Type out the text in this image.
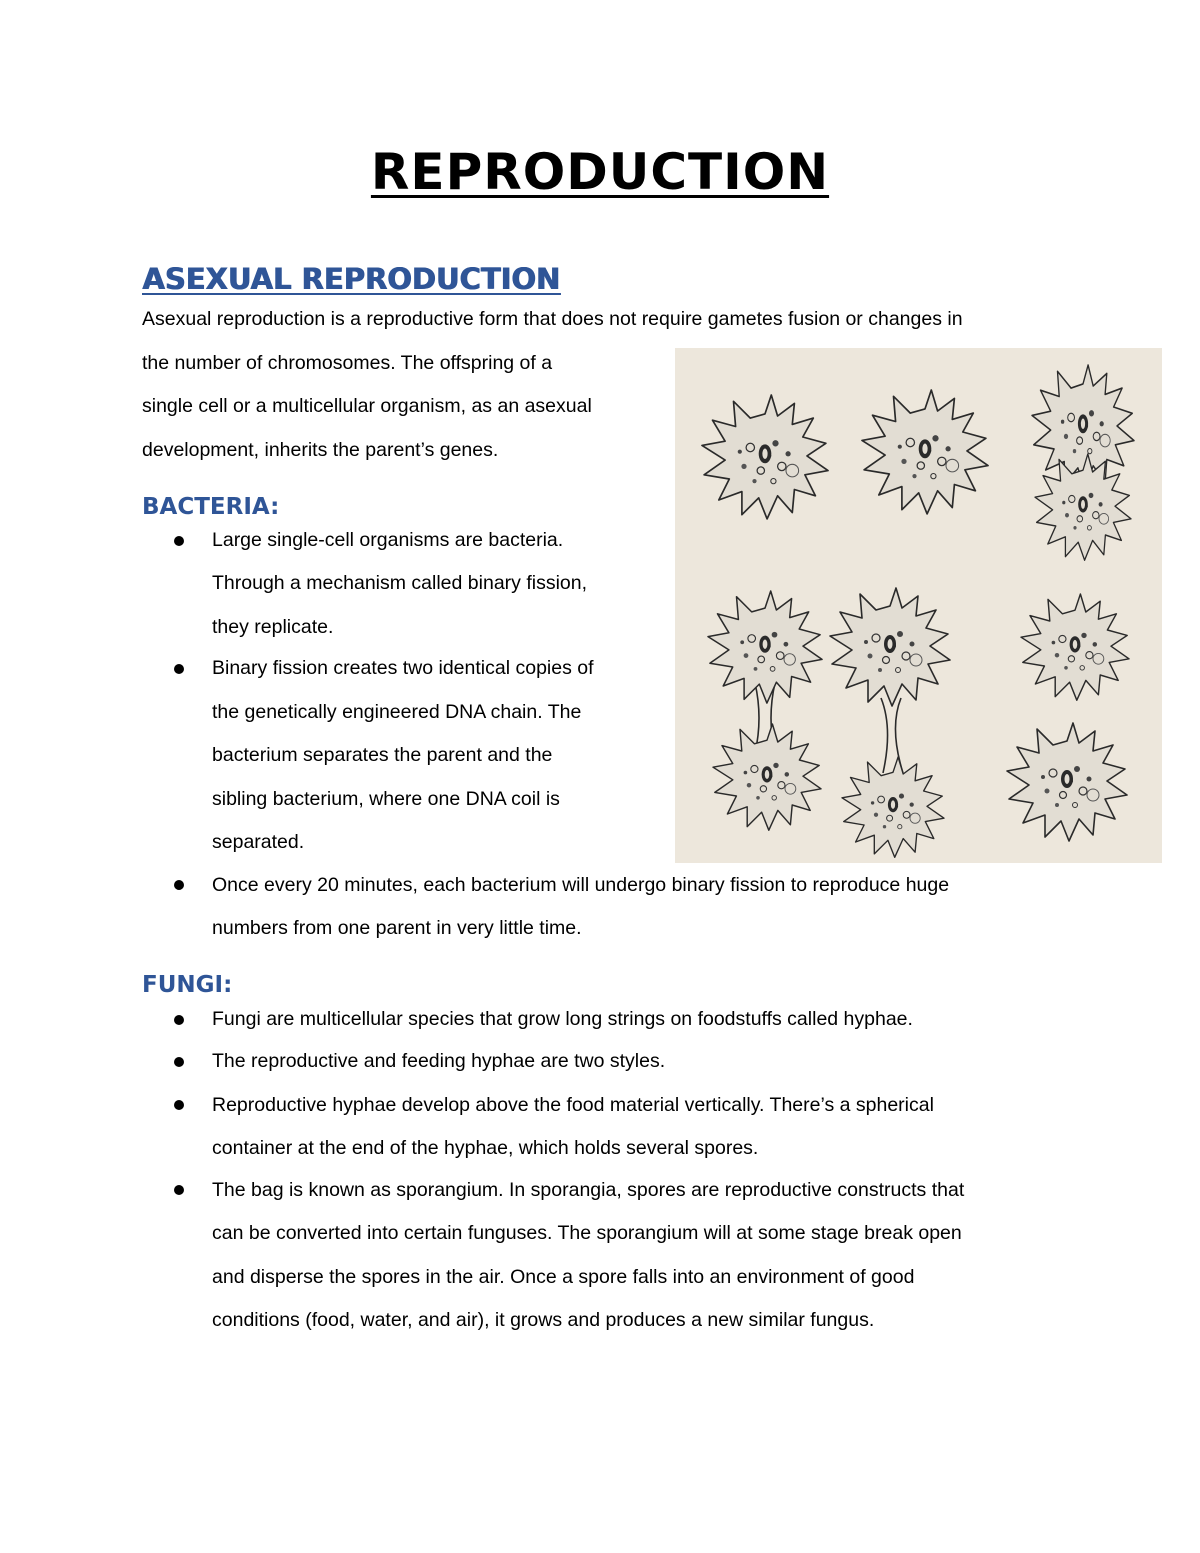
REPRODUCTION
ASEXUAL REPRODUCTION
Asexual reproduction is a reproductive form that does not require gametes fusion or changes in
the number of chromosomes. The offspring of a
single cell or a multicellular organism, as an asexual
development, inherits the parent’s genes.
BACTERIA:
Large single-cell organisms are bacteria.
Through a mechanism called binary fission,
they replicate.
Binary fission creates two identical copies of
the genetically engineered DNA chain. The
bacterium separates the parent and the
sibling bacterium, where one DNA coil is
separated.
Once every 20 minutes, each bacterium will undergo binary fission to reproduce huge
numbers from one parent in very little time.
FUNGI:
Fungi are multicellular species that grow long strings on foodstuffs called hyphae.
The reproductive and feeding hyphae are two styles.
Reproductive hyphae develop above the food material vertically. There’s a spherical
container at the end of the hyphae, which holds several spores.
The bag is known as sporangium. In sporangia, spores are reproductive constructs that
can be converted into certain funguses. The sporangium will at some stage break open
and disperse the spores in the air. Once a spore falls into an environment of good
conditions (food, water, and air), it grows and produces a new similar fungus.
